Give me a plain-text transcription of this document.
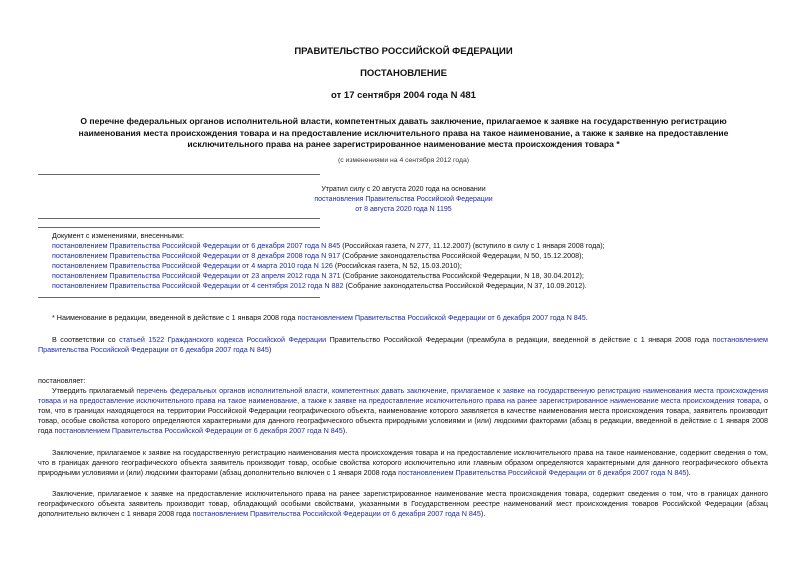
ПРАВИТЕЛЬСТВО РОССИЙСКОЙ ФЕДЕРАЦИИ
ПОСТАНОВЛЕНИЕ
от 17 сентября 2004 года N 481
О перечне федеральных органов исполнительной власти, компетентных давать заключение, прилагаемое к заявке на государственную регистрацию
наименования места происхождения товара и на предоставление исключительного права на такое наименование, а также к заявке на предоставление
исключительного права на ранее зарегистрированное наименование места происхождения товара *
(с изменениями на 4 сентября 2012 года)
Утратил силу с 20 августа 2020 года на основании
постановления Правительства Российской Федерации
от 8 августа 2020 года N 1195
Документ с изменениями, внесенными:
постановлением Правительства Российской Федерации от 6 декабря 2007 года N 845 (Российская газета, N 277, 11.12.2007) (вступило в силу с 1 января 2008 года);
постановлением Правительства Российской Федерации от 8 декабря 2008 года N 917 (Собрание законодательства Российской Федерации, N 50, 15.12.2008);
постановлением Правительства Российской Федерации от 4 марта 2010 года N 126 (Российская газета, N 52, 15.03.2010);
постановлением Правительства Российской Федерации от 23 апреля 2012 года N 371 (Собрание законодательства Российской Федерации, N 18, 30.04.2012);
постановлением Правительства Российской Федерации от 4 сентября 2012 года N 882 (Собрание законодательства Российской Федерации, N 37, 10.09.2012).
* Наименование в редакции, введенной в действие с 1 января 2008 года постановлением Правительства Российской Федерации от 6 декабря 2007 года N 845.
В соответствии со статьей 1522 Гражданского кодекса Российской Федерации Правительство Российской Федерации (преамбула в редакции, введенной в действие с 1 января 2008 года постановлением Правительства Российской Федерации от 6 декабря 2007 года N 845)
постановляет:
Утвердить прилагаемый перечень федеральных органов исполнительной власти, компетентных давать заключение, прилагаемое к заявке на государственную регистрацию наименования места происхождения товара и на предоставление исключительного права на такое наименование, а также к заявке на предоставление исключительного права на ранее зарегистрированное наименование места происхождения товара, о том, что в границах находящегося на территории Российской Федерации географического объекта, наименование которого заявляется в качестве наименования места происхождения товара, заявитель производит товар, особые свойства которого определяются характерными для данного географического объекта природными условиями и (или) людскими факторами (абзац в редакции, введенной в действие с 1 января 2008 года постановлением Правительства Российской Федерации от 6 декабря 2007 года N 845).
Заключение, прилагаемое к заявке на государственную регистрацию наименования места происхождения товара и на предоставление исключительного права на такое наименование, содержит сведения о том, что в границах данного географического объекта заявитель производит товар, особые свойства которого исключительно или главным образом определяются характерными для данного географического объекта природными условиями и (или) людскими факторами (абзац дополнительно включен с 1 января 2008 года постановлением Правительства Российской Федерации от 6 декабря 2007 года N 845).
Заключение, прилагаемое к заявке на предоставление исключительного права на ранее зарегистрированное наименование места происхождения товара, содержит сведения о том, что в границах данного географического объекта заявитель производит товар, обладающий особыми свойствами, указанными в Государственном реестре наименований мест происхождения товаров Российской Федерации (абзац дополнительно включен с 1 января 2008 года постановлением Правительства Российской Федерации от 6 декабря 2007 года N 845).
